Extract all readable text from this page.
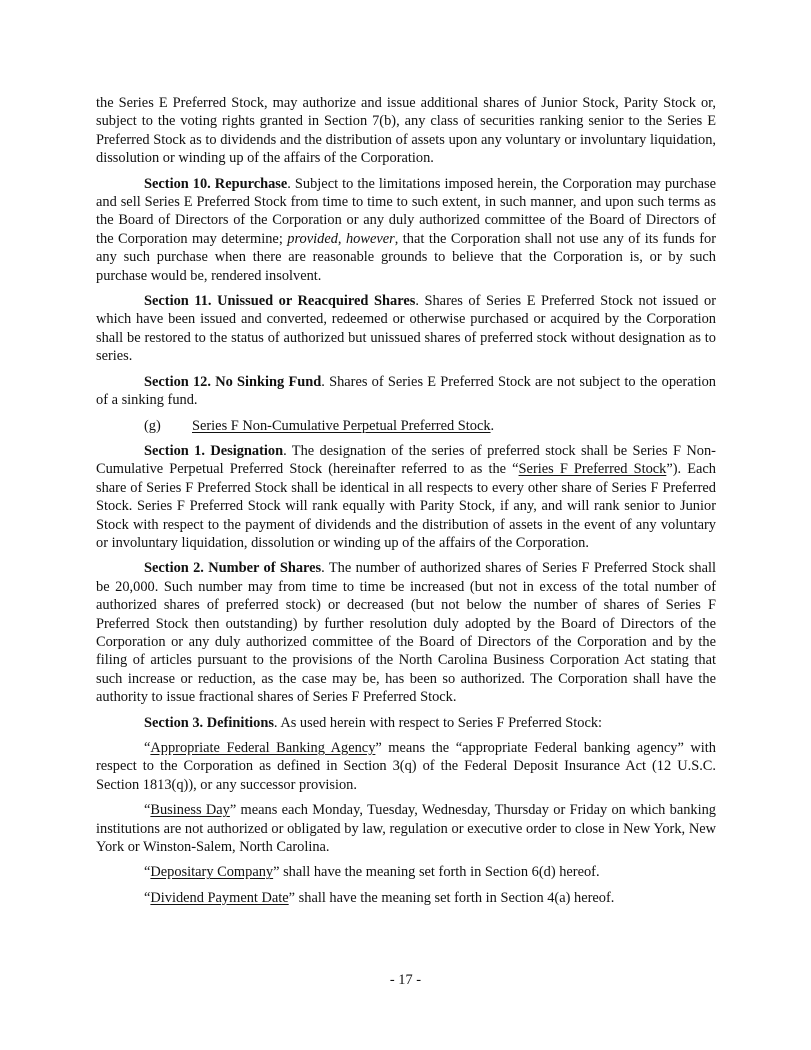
the Series E Preferred Stock, may authorize and issue additional shares of Junior Stock, Parity Stock or, subject to the voting rights granted in Section 7(b), any class of securities ranking senior to the Series E Preferred Stock as to dividends and the distribution of assets upon any voluntary or involuntary liquidation, dissolution or winding up of the affairs of the Corporation.

Section 10. Repurchase. Subject to the limitations imposed herein, the Corporation may purchase and sell Series E Preferred Stock from time to time to such extent, in such manner, and upon such terms as the Board of Directors of the Corporation or any duly authorized committee of the Board of Directors of the Corporation may determine; provided, however, that the Corporation shall not use any of its funds for any such purchase when there are reasonable grounds to believe that the Corporation is, or by such purchase would be, rendered insolvent.

Section 11. Unissued or Reacquired Shares. Shares of Series E Preferred Stock not issued or which have been issued and converted, redeemed or otherwise purchased or acquired by the Corporation shall be restored to the status of authorized but unissued shares of preferred stock without designation as to series.

Section 12. No Sinking Fund. Shares of Series E Preferred Stock are not subject to the operation of a sinking fund.

(g)	Series F Non-Cumulative Perpetual Preferred Stock.

Section 1. Designation. The designation of the series of preferred stock shall be Series F Non-Cumulative Perpetual Preferred Stock (hereinafter referred to as the “Series F Preferred Stock”). Each share of Series F Preferred Stock shall be identical in all respects to every other share of Series F Preferred Stock. Series F Preferred Stock will rank equally with Parity Stock, if any, and will rank senior to Junior Stock with respect to the payment of dividends and the distribution of assets in the event of any voluntary or involuntary liquidation, dissolution or winding up of the affairs of the Corporation.

Section 2. Number of Shares. The number of authorized shares of Series F Preferred Stock shall be 20,000. Such number may from time to time be increased (but not in excess of the total number of authorized shares of preferred stock) or decreased (but not below the number of shares of Series F Preferred Stock then outstanding) by further resolution duly adopted by the Board of Directors of the Corporation or any duly authorized committee of the Board of Directors of the Corporation and by the filing of articles pursuant to the provisions of the North Carolina Business Corporation Act stating that such increase or reduction, as the case may be, has been so authorized. The Corporation shall have the authority to issue fractional shares of Series F Preferred Stock.

Section 3. Definitions. As used herein with respect to Series F Preferred Stock:

“Appropriate Federal Banking Agency” means the “appropriate Federal banking agency” with respect to the Corporation as defined in Section 3(q) of the Federal Deposit Insurance Act (12 U.S.C. Section 1813(q)), or any successor provision.

“Business Day” means each Monday, Tuesday, Wednesday, Thursday or Friday on which banking institutions are not authorized or obligated by law, regulation or executive order to close in New York, New York or Winston-Salem, North Carolina.

“Depositary Company” shall have the meaning set forth in Section 6(d) hereof.

“Dividend Payment Date” shall have the meaning set forth in Section 4(a) hereof.

- 17 -
